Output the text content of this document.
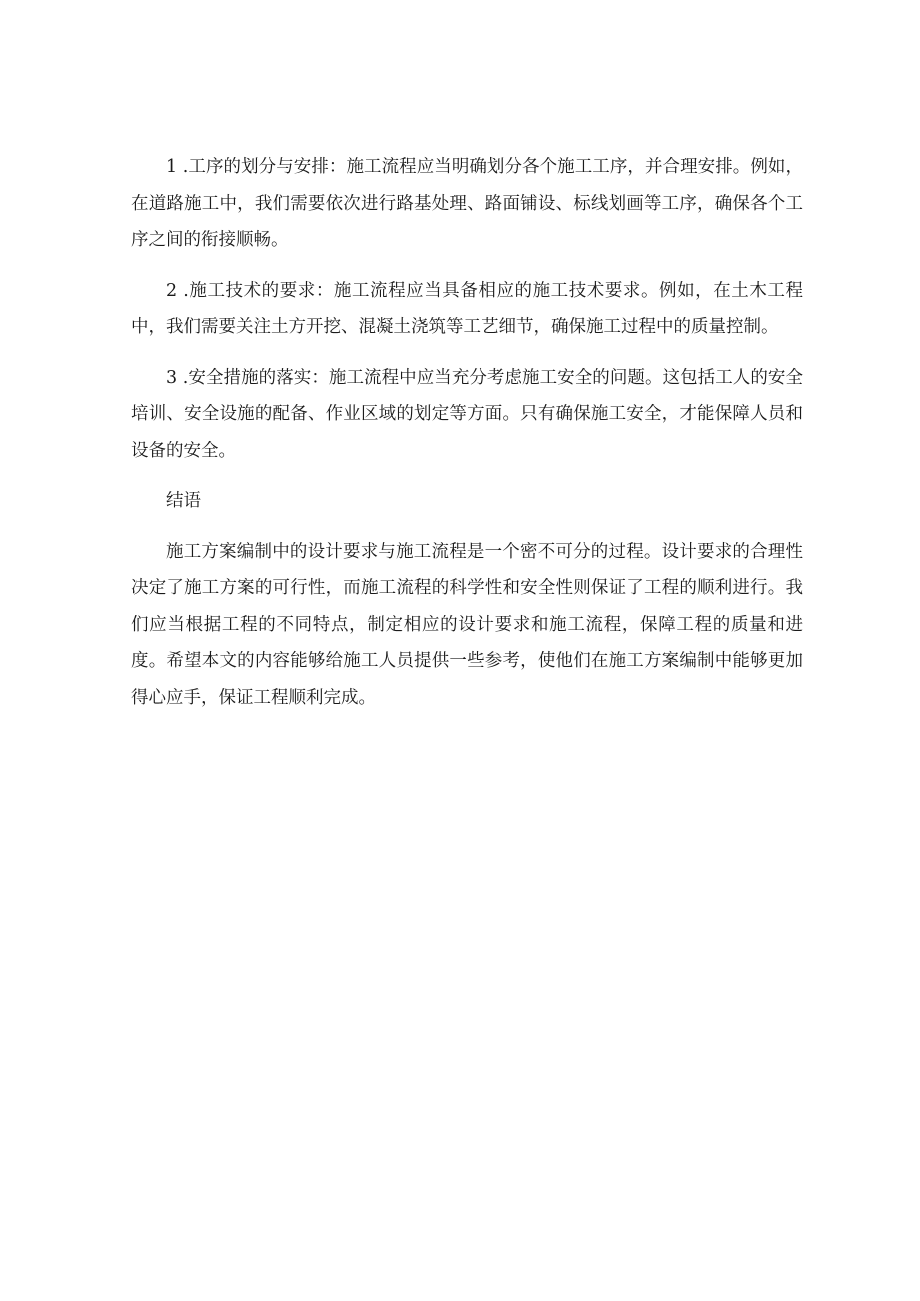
1 .工序的划分与安排：施工流程应当明确划分各个施工工序，并合理安排。例如，在道路施工中，我们需要依次进行路基处理、路面铺设、标线划画等工序，确保各个工序之间的衔接顺畅。

2 .施工技术的要求：施工流程应当具备相应的施工技术要求。例如，在土木工程中，我们需要关注土方开挖、混凝土浇筑等工艺细节，确保施工过程中的质量控制。

3 .安全措施的落实：施工流程中应当充分考虑施工安全的问题。这包括工人的安全培训、安全设施的配备、作业区域的划定等方面。只有确保施工安全，才能保障人员和设备的安全。

结语

施工方案编制中的设计要求与施工流程是一个密不可分的过程。设计要求的合理性决定了施工方案的可行性，而施工流程的科学性和安全性则保证了工程的顺利进行。我们应当根据工程的不同特点，制定相应的设计要求和施工流程，保障工程的质量和进度。希望本文的内容能够给施工人员提供一些参考，使他们在施工方案编制中能够更加得心应手，保证工程顺利完成。
